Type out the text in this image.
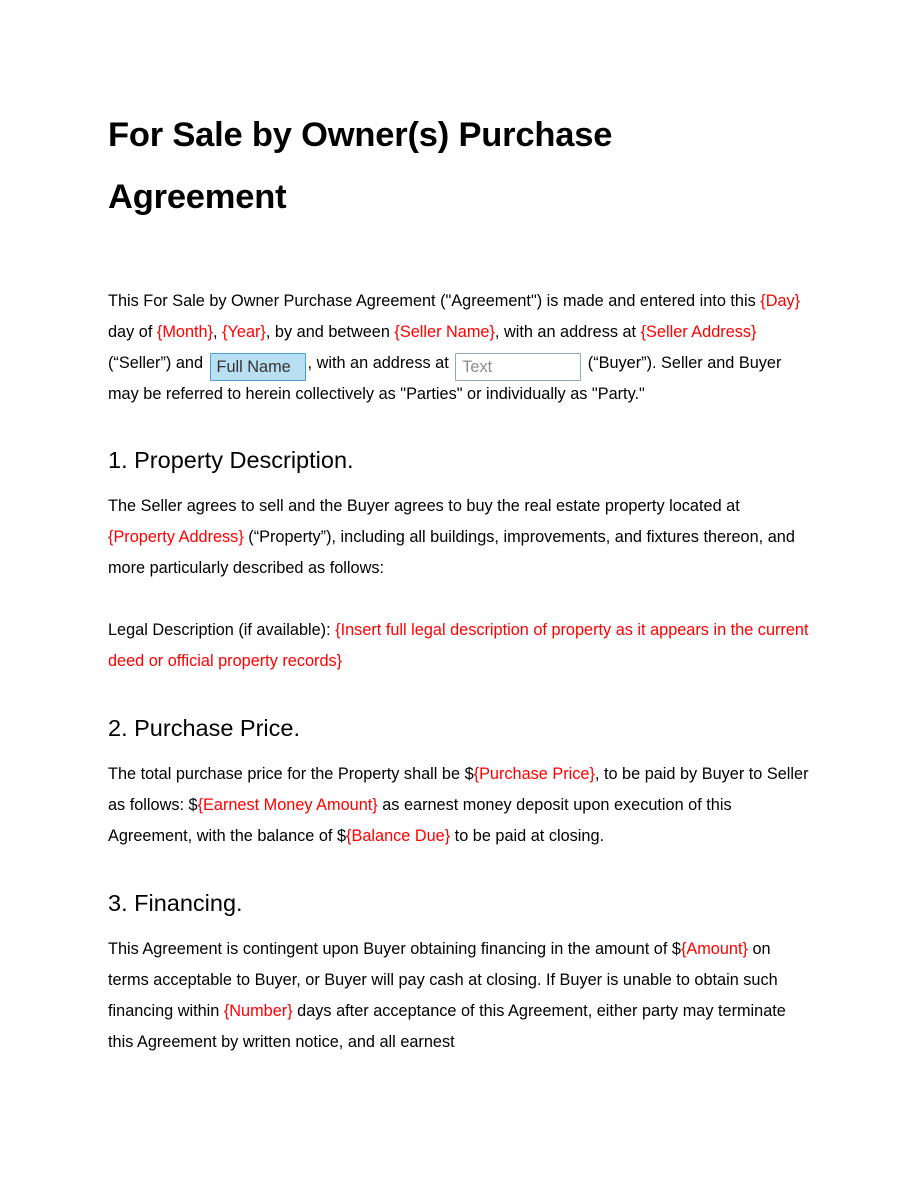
For Sale by Owner(s) Purchase Agreement

This For Sale by Owner Purchase Agreement ("Agreement") is made and entered into this {Day} day of {Month}, {Year}, by and between {Seller Name}, with an address at {Seller Address} (“Seller”) and Full Name , with an address at Text	(“Buyer”). Seller and Buyer may be referred to herein collectively as "Parties" or individually as "Party."

1. Property Description.

The Seller agrees to sell and the Buyer agrees to buy the real estate property located at {Property Address} (“Property”), including all buildings, improvements, and fixtures thereon, and more particularly described as follows:

Legal Description (if available): {Insert full legal description of property as it appears in the current deed or official property records}

2. Purchase Price.

The total purchase price for the Property shall be ${Purchase Price}, to be paid by Buyer to Seller as follows: ${Earnest Money Amount} as earnest money deposit upon execution of this Agreement, with the balance of ${Balance Due} to be paid at closing.

3. Financing.

This Agreement is contingent upon Buyer obtaining financing in the amount of ${Amount} on terms acceptable to Buyer, or Buyer will pay cash at closing. If Buyer is unable to obtain such financing within {Number} days after acceptance of this Agreement, either party may terminate this Agreement by written notice, and all earnest
